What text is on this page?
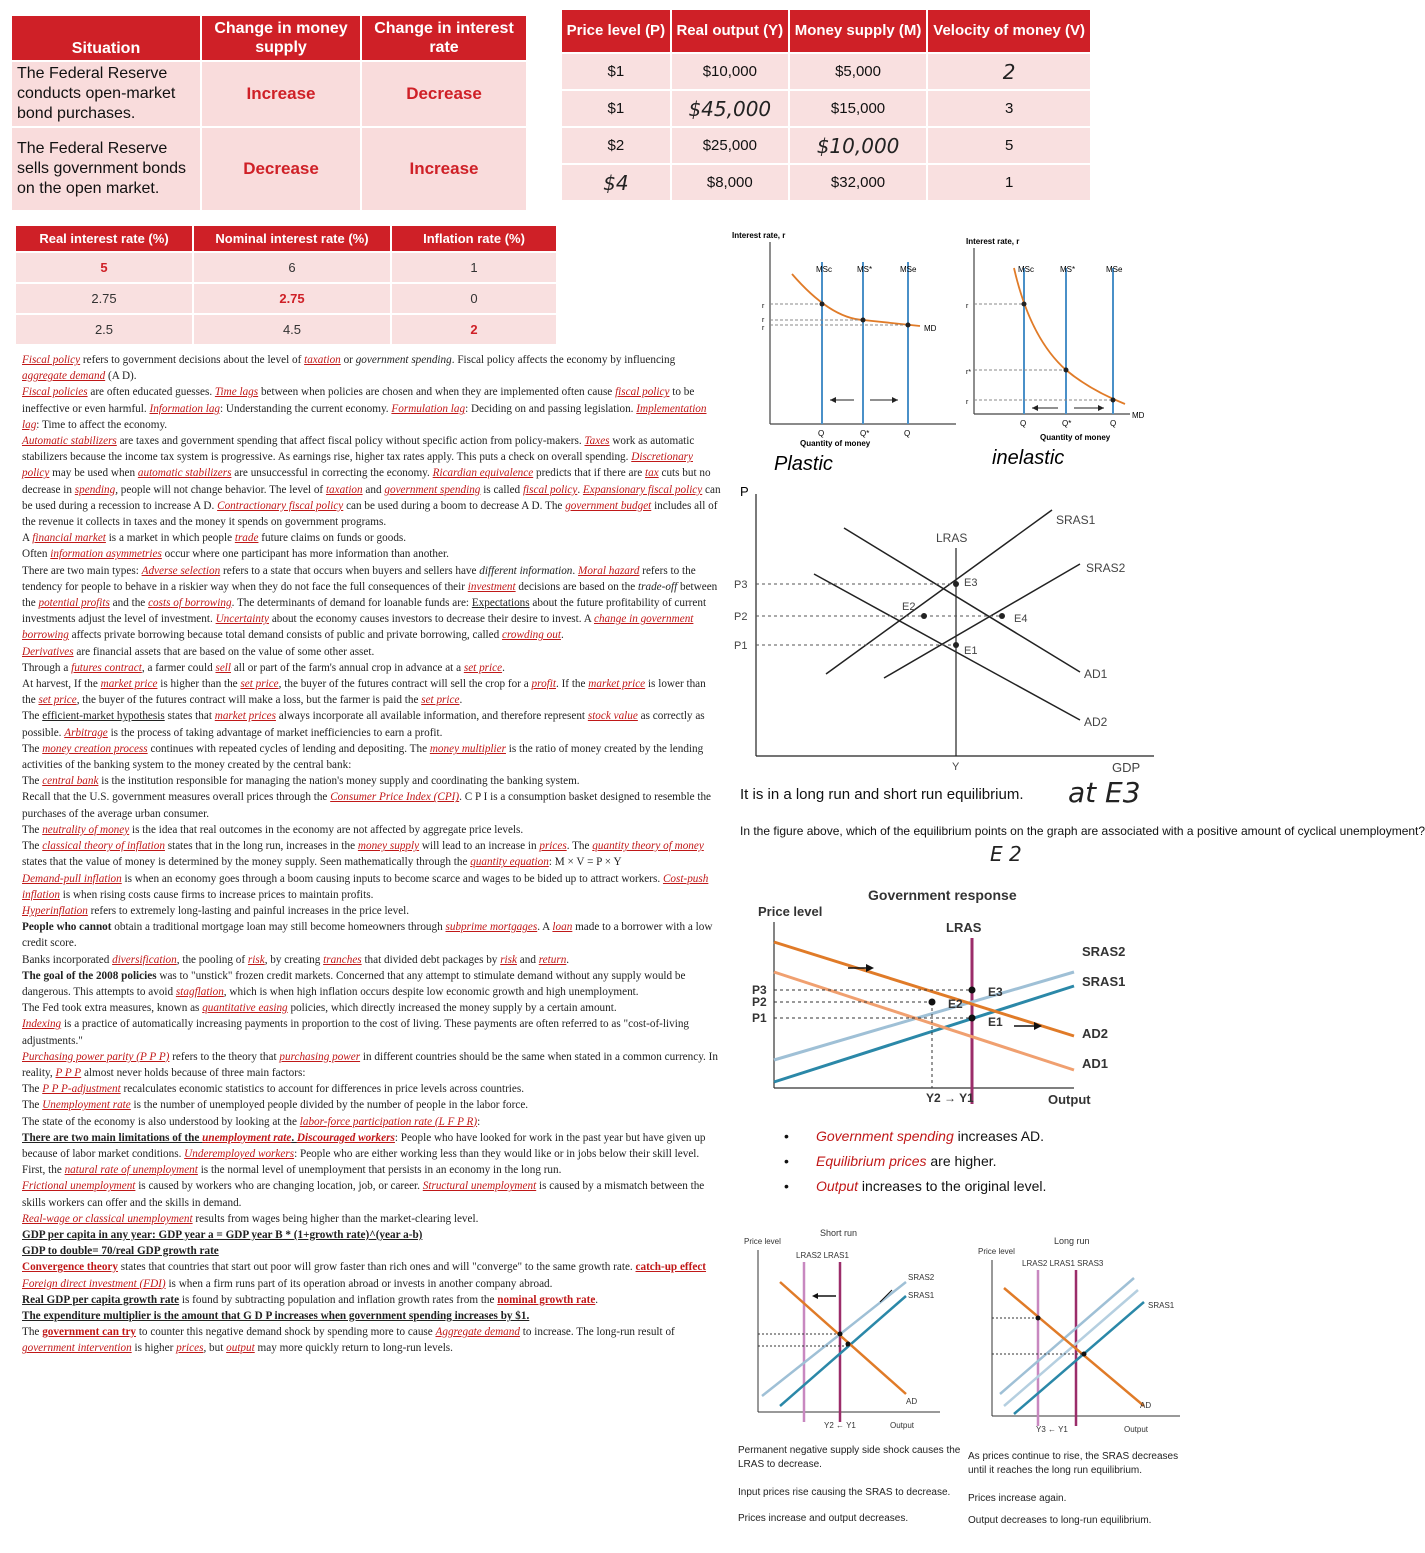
Situation	Change in money supply	Change in interest rate
The Federal Reserve conducts open-market bond purchases.	Increase	Decrease
The Federal Reserve sells government bonds on the open market.	Decrease	Increase
Price level (P)	Real output (Y)	Money supply (M)	Velocity of money (V)
$1	$10,000	$5,000	2
$1	$45,000	$15,000	3
$2	$25,000	$10,000	5
$4	$8,000	$32,000	1
Real interest rate (%)	Nominal interest rate (%)	Inflation rate (%)
5	6	1
2.75	2.75	0
2.5	4.5	2

Fiscal policy refers to government decisions about the level of taxation or government spending. Fiscal policy affects the economy by influencing aggregate demand (A D).

Fiscal policies are often educated guesses. Time lags between when policies are chosen and when they are implemented often cause fiscal policy to be ineffective or even harmful. Information lag: Understanding the current economy. Formulation lag: Deciding on and passing legislation. Implementation lag: Time to affect the economy.

Automatic stabilizers are taxes and government spending that affect fiscal policy without specific action from policy-makers. Taxes work as automatic stabilizers because the income tax system is progressive. As earnings rise, higher tax rates apply. This puts a check on overall spending. Discretionary policy may be used when automatic stabilizers are unsuccessful in correcting the economy. Ricardian equivalence predicts that if there are tax cuts but no decrease in spending, people will not change behavior. The level of taxation and government spending is called fiscal policy. Expansionary fiscal policy can be used during a recession to increase A D. Contractionary fiscal policy can be used during a boom to decrease A D. The government budget includes all of the revenue it collects in taxes and the money it spends on government programs.

A financial market is a market in which people trade future claims on funds or goods.

Often information asymmetries occur where one participant has more information than another.

There are two main types: Adverse selection refers to a state that occurs when buyers and sellers have different information. Moral hazard refers to the tendency for people to behave in a riskier way when they do not face the full consequences of their investment decisions are based on the trade-off between the potential profits and the costs of borrowing. The determinants of demand for loanable funds are: Expectations about the future profitability of current investments adjust the level of investment. Uncertainty about the economy causes investors to decrease their desire to invest. A change in government borrowing affects private borrowing because total demand consists of public and private borrowing, called crowding out.

Derivatives are financial assets that are based on the value of some other asset.

Through a futures contract, a farmer could sell all or part of the farm's annual crop in advance at a set price.

At harvest, If the market price is higher than the set price, the buyer of the futures contract will sell the crop for a profit. If the market price is lower than the set price, the buyer of the futures contract will make a loss, but the farmer is paid the set price.

The efficient-market hypothesis states that market prices always incorporate all available information, and therefore represent stock value as correctly as possible. Arbitrage is the process of taking advantage of market inefficiencies to earn a profit.

The money creation process continues with repeated cycles of lending and depositing. The money multiplier is the ratio of money created by the lending activities of the banking system to the money created by the central bank:

The central bank is the institution responsible for managing the nation's money supply and coordinating the banking system.

Recall that the U.S. government measures overall prices through the Consumer Price Index (CPI). C P I is a consumption basket designed to resemble the purchases of the average urban consumer.

The neutrality of money is the idea that real outcomes in the economy are not affected by aggregate price levels.

The classical theory of inflation states that in the long run, increases in the money supply will lead to an increase in prices. The quantity theory of money states that the value of money is determined by the money supply. Seen mathematically through the quantity equation: M × V = P × Y

Demand-pull inflation is when an economy goes through a boom causing inputs to become scarce and wages to be bided up to attract workers. Cost-push inflation is when rising costs cause firms to increase prices to maintain profits.

Hyperinflation refers to extremely long-lasting and painful increases in the price level.

People who cannot obtain a traditional mortgage loan may still become homeowners through subprime mortgages. A loan made to a borrower with a low credit score.

Banks incorporated diversification, the pooling of risk, by creating tranches that divided debt packages by risk and return.

The goal of the 2008 policies was to "unstick" frozen credit markets. Concerned that any attempt to stimulate demand without any supply would be dangerous. This attempts to avoid stagflation, which is when high inflation occurs despite low economic growth and high unemployment.

The Fed took extra measures, known as quantitative easing policies, which directly increased the money supply by a certain amount.

Indexing is a practice of automatically increasing payments in proportion to the cost of living. These payments are often referred to as "cost-of-living adjustments."

Purchasing power parity (P P P) refers to the theory that purchasing power in different countries should be the same when stated in a common currency. In reality, P P P almost never holds because of three main factors:

The P P P-adjustment recalculates economic statistics to account for differences in price levels across countries.

The Unemployment rate is the number of unemployed people divided by the number of people in the labor force.

The state of the economy is also understood by looking at the labor-force participation rate (L F P R):

There are two main limitations of the unemployment rate. Discouraged workers: People who have looked for work in the past year but have given up because of labor market conditions. Underemployed workers: People who are either working less than they would like or in jobs below their skill level.

First, the natural rate of unemployment is the normal level of unemployment that persists in an economy in the long run.

Frictional unemployment is caused by workers who are changing location, job, or career. Structural unemployment is caused by a mismatch between the skills workers can offer and the skills in demand.

Real-wage or classical unemployment results from wages being higher than the market-clearing level.

GDP per capita in any year: GDP year a = GDP year B * (1+growth rate)^(year a-b)

GDP to double= 70/real GDP growth rate

Convergence theory states that countries that start out poor will grow faster than rich ones and will "converge" to the same growth rate. catch-up effect

Foreign direct investment (FDI) is when a firm runs part of its operation abroad or invests in another company abroad.

Real GDP per capita growth rate is found by subtracting population and inflation growth rates from the nominal growth rate.

The expenditure multiplier is the amount that G D P increases when government spending increases by $1.

The government can try to counter this negative demand shock by spending more to cause Aggregate demand to increase. The long-run result of government intervention is higher prices, but output may more quickly return to long-run levels.

Interest rate, r
MSc	MS*	MSe
MD
r
r
r
Q	Q*	Q
Quantity of money
Plastic
Interest rate, r
MSc	MS*	MSe
MD
r
r*
r
Q	Q*	Q
Quantity of money
inelastic
P
LRAS
SRAS1
SRAS2
AD1
AD2
E1
E2
E3
E4
P3
P2
P1
Y	GDP
It is in a long run and short run equilibrium. at E3
In the figure above, which of the equilibrium points on the graph are associated with a positive amount of cyclical unemployment?
E 2
Government response
Price level
LRAS
P3
P2
P1
E3
E2
E1
SRAS2
SRAS1
AD2
AD1
Y2 → Y1	Output
• Government spending increases AD.
• Equilibrium prices are higher.
• Output increases to the original level.
Short run
Price level
LRAS2 LRAS1
SRAS2
SRAS1
AD
Y2 ← Y1	Output
Permanent negative supply side shock causes the LRAS to decrease.
Input prices rise causing the SRAS to decrease.
Prices increase and output decreases.
Long run
Price level
LRAS2 LRAS1 SRAS3
SRAS1
AD
Y3 ← Y1	Output
As prices continue to rise, the SRAS decreases until it reaches the long run equilibrium.
Prices increase again.
Output decreases to long-run equilibrium.
